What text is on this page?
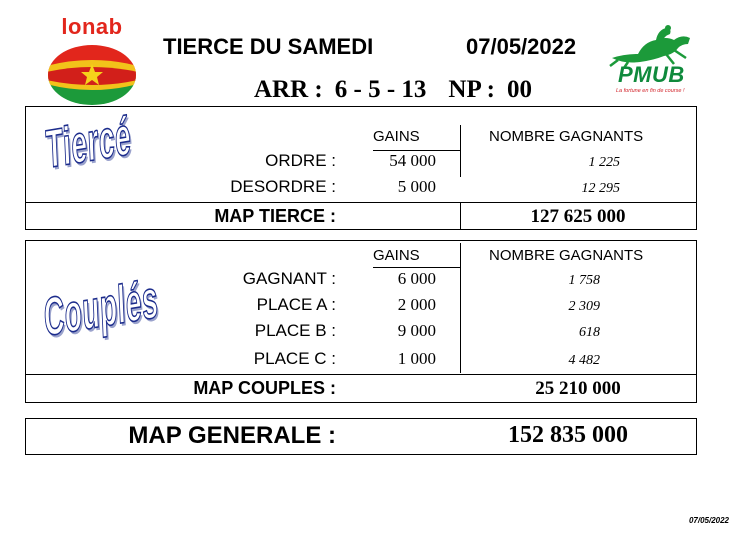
lonab
TIERCE DU SAMEDI	07/05/2022
ARR : 6 - 5 - 13 NP : 00
PMUB
La fortune en fin de course !
Tiercé	GAINS	NOMBRE GAGNANTS
ORDRE :	54 000	1 225
DESORDRE :	5 000	12 295
MAP TIERCE :	127 625 000
Couplés
GAINS	NOMBRE GAGNANTS
GAGNANT :	6 000	1 758
PLACE A :	2 000	2 309
PLACE B :	9 000	618
PLACE C :	1 000	4 482
MAP COUPLES :	25 210 000
MAP GENERALE :	152 835 000
07/05/2022
